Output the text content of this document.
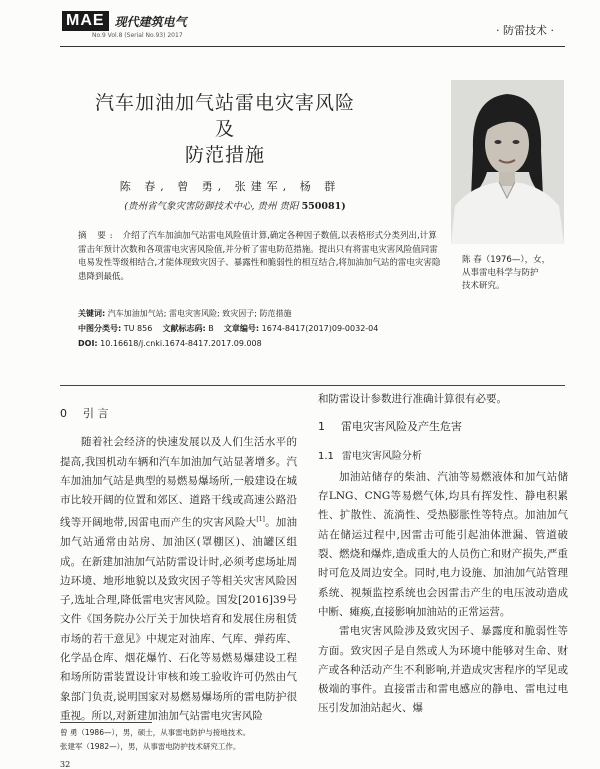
MAE 现代建筑电气
No.9 Vol.8 (Serial No.93) 2017	· 防雷技术 ·
汽车加油加气站雷电灾害风险及
防范措施
陈 春, 曾 勇, 张建军, 杨 群
(贵州省气象灾害防御技术中心, 贵州 贵阳 550081)
陈 春（1976—），女，
从事雷电科学与防护
技术研究。
摘 要: 介绍了汽车加油加气站雷电风险值计算,确定各种因子数值,以表格形式分类列出,计算雷击年预计次数和各项雷电灾害风险值,并分析了雷电防范措施。提出只有将雷电灾害风险值同雷电易发性等级相结合,才能体现致灾因子、暴露性和脆弱性的相互结合,将加油加气站的雷电灾害隐患降到最低。
关键词: 汽车加油加气站; 雷电灾害风险; 致灾因子; 防范措施
中图分类号: TU 856 文献标志码: B 文章编号: 1674-8417(2017)09-0032-04
DOI: 10.16618/j.cnki.1674-8417.2017.09.008
0 引 言

随着社会经济的快速发展以及人们生活水平的提高,我国机动车辆和汽车加油加气站显著增多。汽车加油加气站是典型的易燃易爆场所,一般建设在城市比较开阔的位置和郊区、道路干线或高速公路沿线等开阔地带,因雷电而产生的灾害风险大[1]。加油加气站通常由站房、加油区(罩棚区)、油罐区组成。在新建加油加气站防雷设计时,必须考虑场址周边环境、地形地貌以及致灾因子等相关灾害风险因子,选址合理,降低雷电灾害风险。国发[2016]39号文件《国务院办公厅关于加快培育和发展住房租赁市场的若干意见》中规定对油库、气库、弹药库、化学品仓库、烟花爆竹、石化等易燃易爆建设工程和场所防雷装置设计审核和竣工验收许可仍然由气象部门负责,说明国家对易燃易爆场所的雷电防护很重视。所以,对新建加油加气站雷电灾害风险

和防雷设计参数进行准确计算很有必要。

1 雷电灾害风险及产生危害
1.1 雷电灾害风险分析

加油站储存的柴油、汽油等易燃液体和加气站储存LNG、CNG等易燃气体,均具有挥发性、静电积累性、扩散性、流淌性、受热膨胀性等特点。加油加气站在储运过程中,因雷击可能引起油体泄漏、管道破裂、燃烧和爆炸,造成重大的人员伤亡和财产损失,严重时可危及周边安全。同时,电力设施、加油加气站管理系统、视频监控系统也会因雷击产生的电压波动造成中断、瘫痪,直接影响加油站的正常运营。

雷电灾害风险涉及致灾因子、暴露度和脆弱性等方面。致灾因子是自然或人为环境中能够对生命、财产或各种活动产生不利影响,并造成灾害程序的罕见或极端的事件。直接雷击和雷电感应的静电、雷电过电压引发加油站起火、爆

曾 勇（1986—），男，硕士，从事雷电防护与接地技术。
张建军（1982—），男，从事雷电防护技术研究工作。
32
